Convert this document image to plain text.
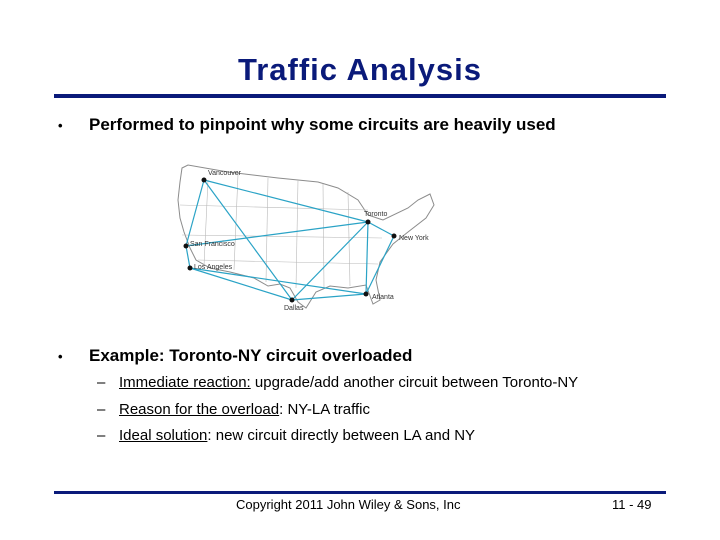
Traffic Analysis
• Performed to pinpoint why some circuits are heavily used
Vancouver
Toronto
New York
San Francisco
Los Angeles
Dallas
Atlanta
• Example: Toronto-NY circuit overloaded
– Immediate reaction: upgrade/add another circuit between Toronto-NY
– Reason for the overload: NY-LA traffic
– Ideal solution: new circuit directly between LA and NY
Copyright 2011 John Wiley & Sons, Inc	11 - 49
